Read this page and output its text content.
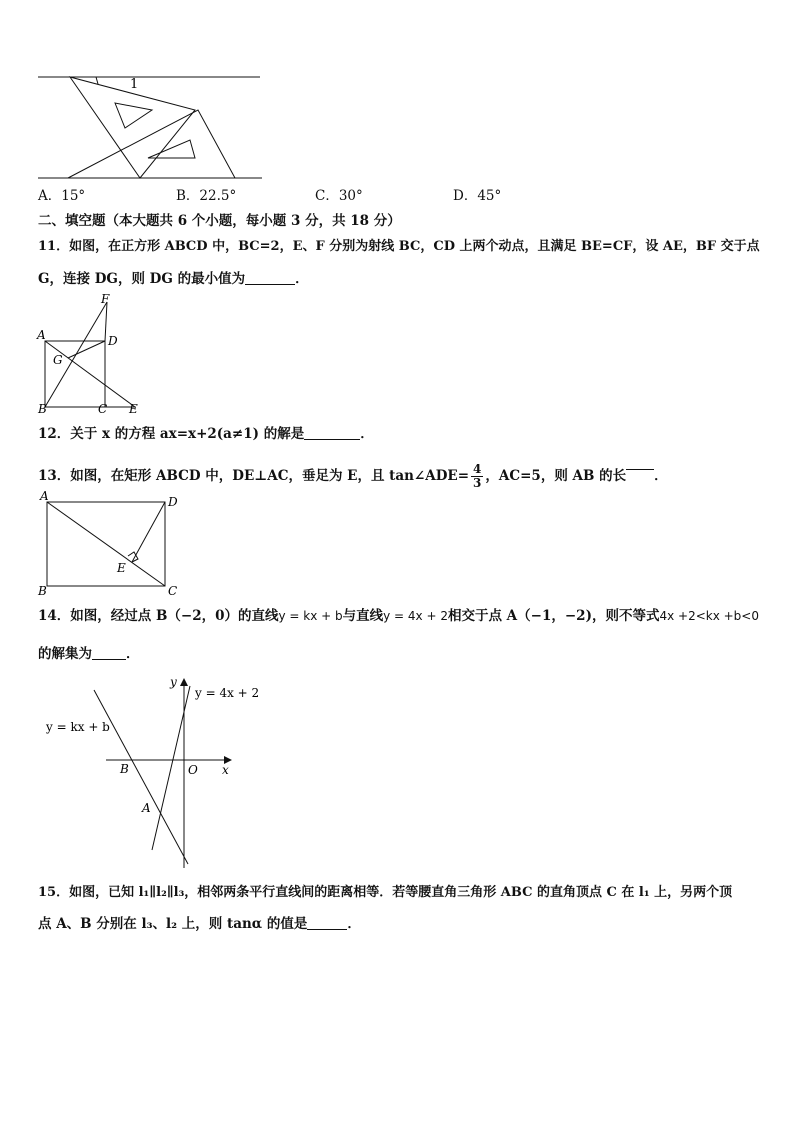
1
A．15°	B．22.5°	C．30°	D．45°
二、填空题（本大题共 6 个小题，每小题 3 分，共 18 分）
11．如图，在正方形 ABCD 中，BC=2，E、F 分别为射线 BC，CD 上两个动点，且满足 BE=CF，设 AE，BF 交于点
G，连接 DG，则 DG 的最小值为	．
A	D
F
G
B	C E
12．关于 x 的方程 ax=x+2(a≠1) 的解是	．
13．如图，在矩形 ABCD 中，DE⊥AC，垂足为 E，且 tan∠ADE= $\frac{4}{3}$ ，AC=5，则 AB 的长 ．
A	D
E
B	C
14．如图，经过点 B（−2，0）的直线y = kx + b与直线y = 4x + 2相交于点 A（−1，−2)，则不等式4x +2<kx +b<0
的解集为	．
y
x
O
B
A
y = kx + b
y = 4x + 2
15．如图，已知 l₁∥l₂∥l₃，相邻两条平行直线间的距离相等．若等腰直角三角形 ABC 的直角顶点 C 在 l₁ 上，另两个顶
点 A、B 分别在 l₃、l₂ 上，则 tanα 的值是	．
